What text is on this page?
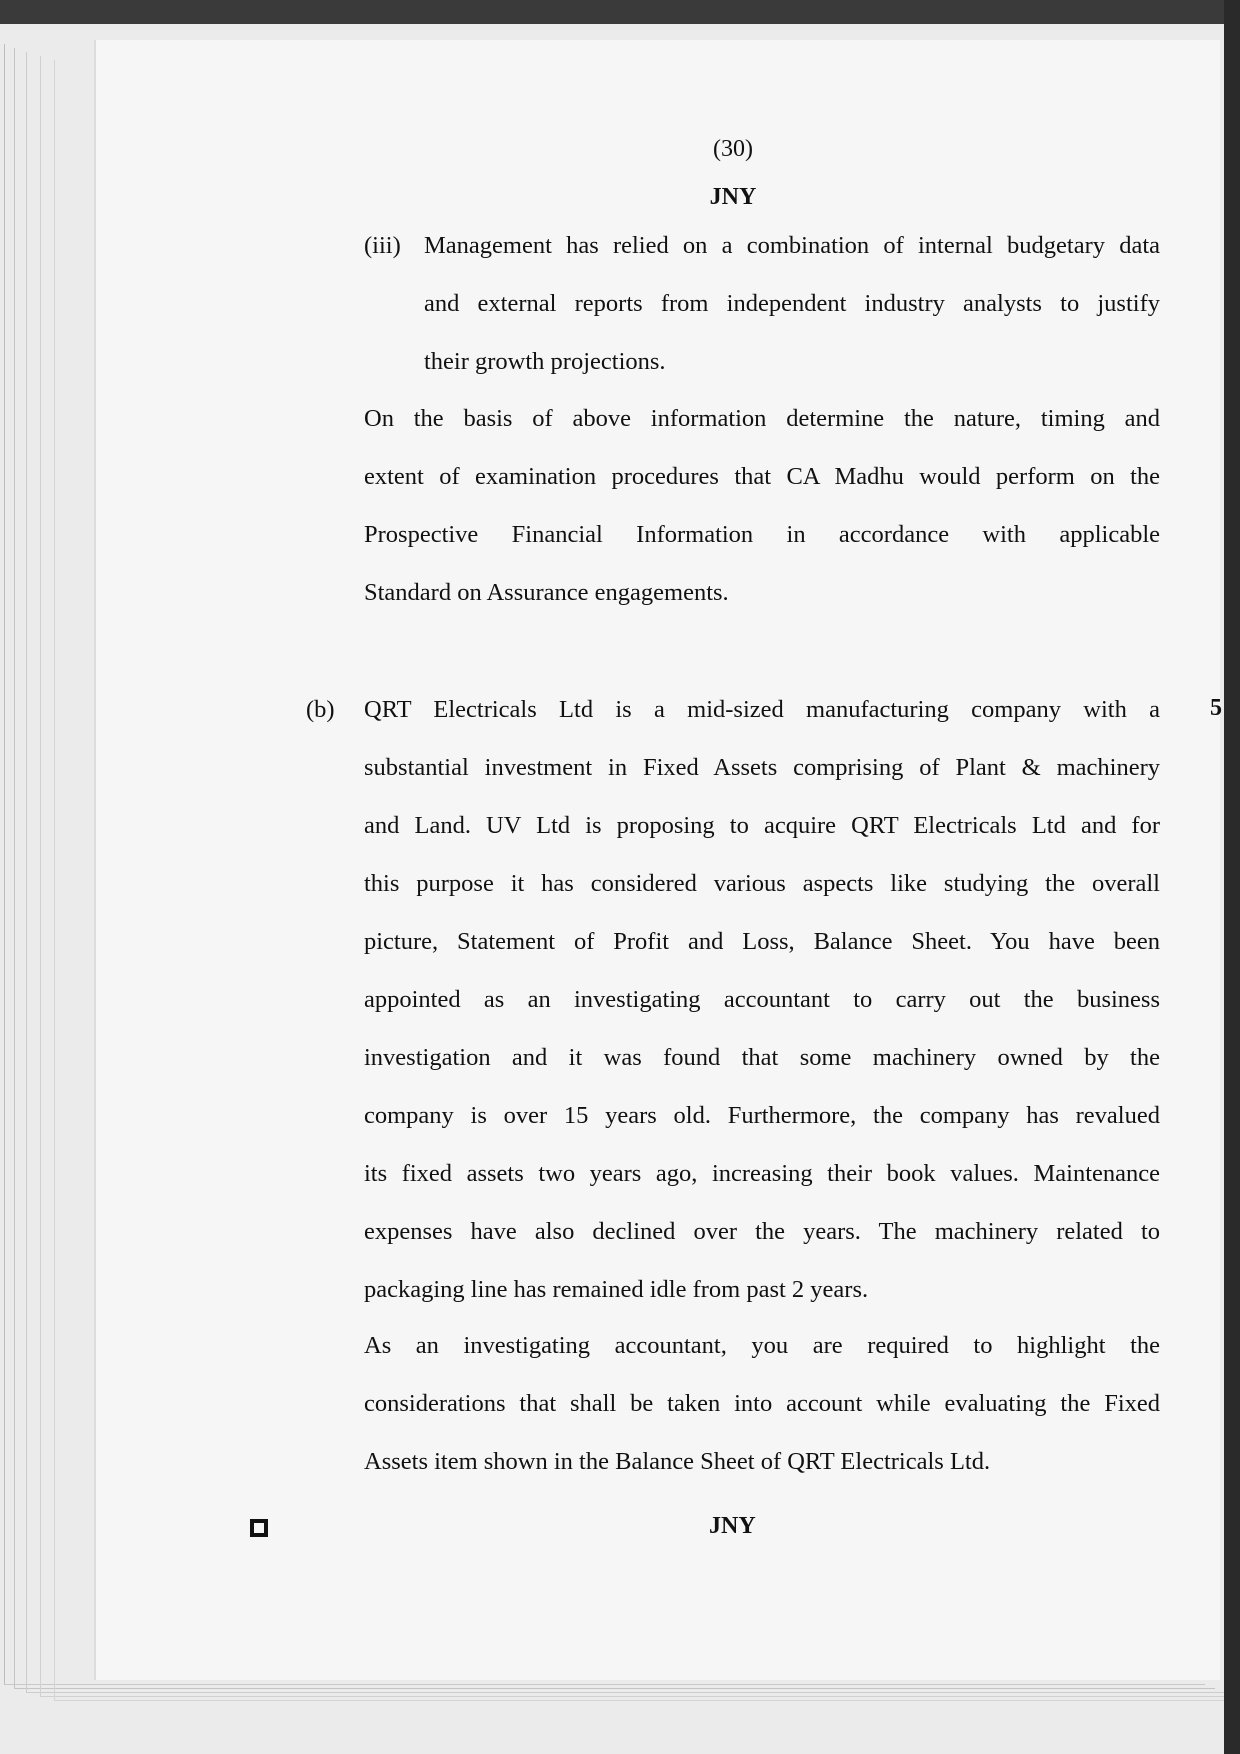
(30)
JNY
(iii) Management has relied on a combination of internal budgetary data
and external reports from independent industry analysts to justify
their growth projections.
On the basis of above information determine the nature, timing and
extent of examination procedures that CA Madhu would perform on the
Prospective Financial Information in accordance with applicable
Standard on Assurance engagements.
(b)	5
QRT Electricals Ltd is a mid-sized manufacturing company with a
substantial investment in Fixed Assets comprising of Plant & machinery
and Land. UV Ltd is proposing to acquire QRT Electricals Ltd and for
this purpose it has considered various aspects like studying the overall
picture, Statement of Profit and Loss, Balance Sheet. You have been
appointed as an investigating accountant to carry out the business
investigation and it was found that some machinery owned by the
company is over 15 years old. Furthermore, the company has revalued
its fixed assets two years ago, increasing their book values. Maintenance
expenses have also declined over the years. The machinery related to
packaging line has remained idle from past 2 years.
As an investigating accountant, you are required to highlight the
considerations that shall be taken into account while evaluating the Fixed
Assets item shown in the Balance Sheet of QRT Electricals Ltd.
JNY
